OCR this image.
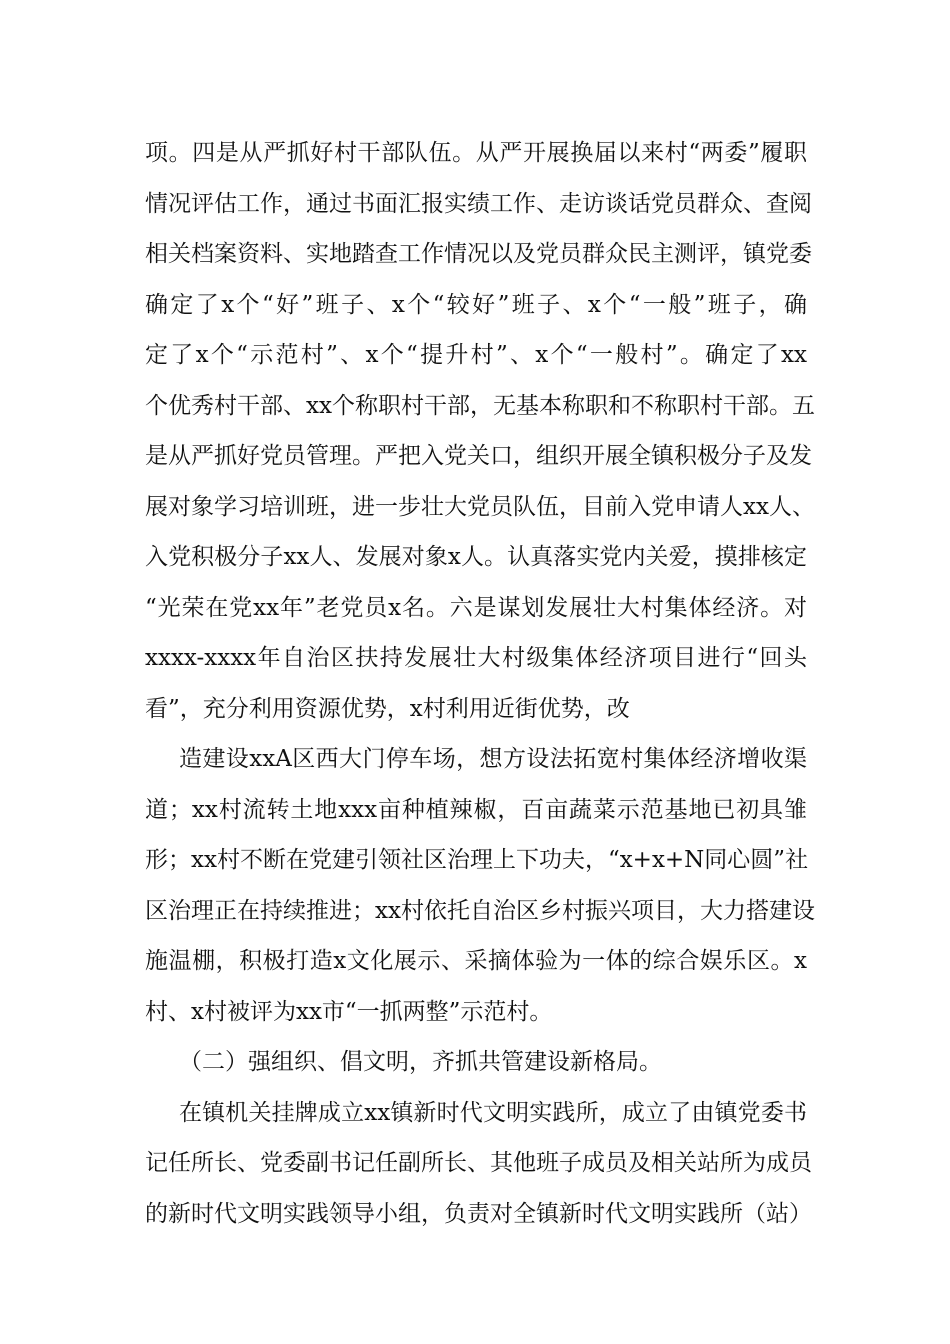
项。四是从严抓好村干部队伍。从严开展换届以来村“两委”履职
情况评估工作，通过书面汇报实绩工作、走访谈话党员群众、查阅
相关档案资料、实地踏查工作情况以及党员群众民主测评，镇党委
确定了x个“好”班子、x个“较好”班子、x个“一般”班子，确
定了x个“示范村”、x个“提升村”、x个“一般村”。确定了xx
个优秀村干部、xx个称职村干部，无基本称职和不称职村干部。五
是从严抓好党员管理。严把入党关口，组织开展全镇积极分子及发
展对象学习培训班，进一步壮大党员队伍，目前入党申请人xx人、
入党积极分子xx人、发展对象x人。认真落实党内关爱，摸排核定
“光荣在党xx年”老党员x名。六是谋划发展壮大村集体经济。对
xxxx-xxxx年自治区扶持发展壮大村级集体经济项目进行“回头
看”，充分利用资源优势，x村利用近街优势，改
造建设xxA区西大门停车场，想方设法拓宽村集体经济增收渠
道；xx村流转土地xxx亩种植辣椒，百亩蔬菜示范基地已初具雏
形；xx村不断在党建引领社区治理上下功夫，“x+x+N同心圆”社
区治理正在持续推进；xx村依托自治区乡村振兴项目，大力搭建设
施温棚，积极打造x文化展示、采摘体验为一体的综合娱乐区。x
村、x村被评为xx市“一抓两整”示范村。
（二）强组织、倡文明，齐抓共管建设新格局。
在镇机关挂牌成立xx镇新时代文明实践所，成立了由镇党委书
记任所长、党委副书记任副所长、其他班子成员及相关站所为成员
的新时代文明实践领导小组，负责对全镇新时代文明实践所（站）
